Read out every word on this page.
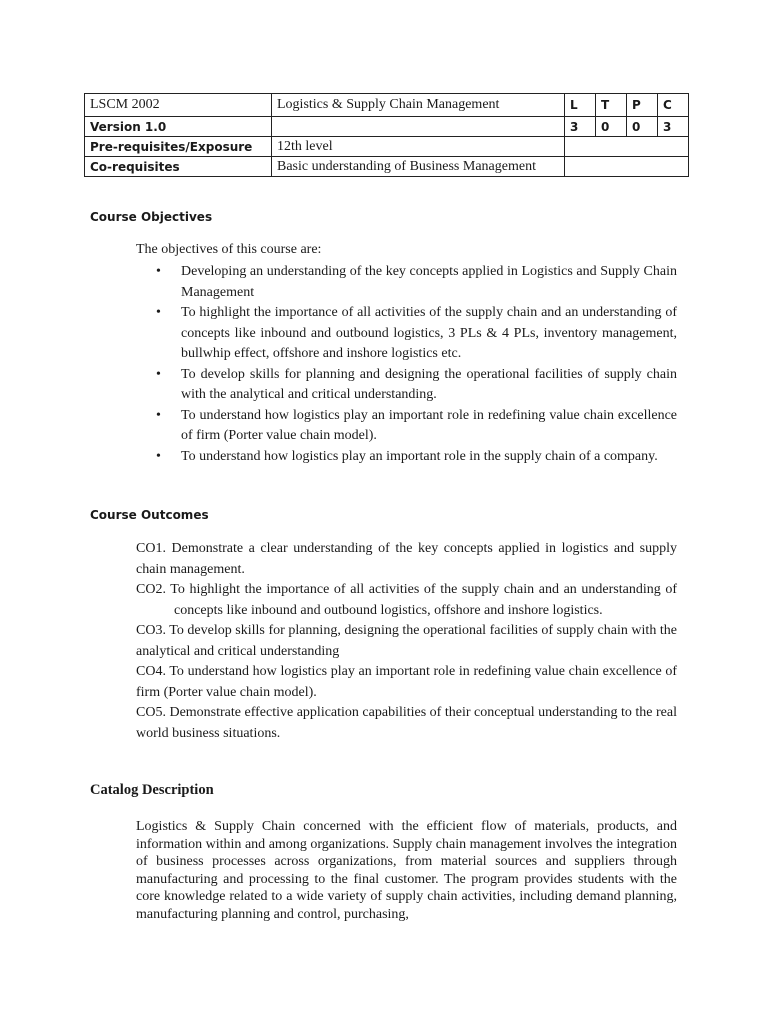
LSCM 2002	Logistics & Supply Chain Management	L	T	P	C
Version 1.0		3	0	0	3
Pre-requisites/Exposure	12th level				
Co-requisites	Basic understanding of Business Management				
Course Objectives

The objectives of this course are:

• Developing an understanding of the key concepts applied in Logistics and Supply Chain Management
• To highlight the importance of all activities of the supply chain and an understanding of concepts like inbound and outbound logistics, 3 PLs & 4 PLs, inventory management, bullwhip effect, offshore and inshore logistics etc.
• To develop skills for planning and designing the operational facilities of supply chain with the analytical and critical understanding.
• To understand how logistics play an important role in redefining value chain excellence of firm (Porter value chain model).
• To understand how logistics play an important role in the supply chain of a company.
Course Outcomes

CO1. Demonstrate a clear understanding of the key concepts applied in logistics and supply chain management.

CO2. To highlight the importance of all activities of the supply chain and an understanding of concepts like inbound and outbound logistics, offshore and inshore logistics.

CO3. To develop skills for planning, designing the operational facilities of supply chain with the analytical and critical understanding

CO4. To understand how logistics play an important role in redefining value chain excellence of firm (Porter value chain model).

CO5. Demonstrate effective application capabilities of their conceptual understanding to the real world business situations.

Catalog Description

Logistics & Supply Chain concerned with the efficient flow of materials, products, and information within and among organizations. Supply chain management involves the integration of business processes across organizations, from material sources and suppliers through manufacturing and processing to the final customer. The program provides students with the core knowledge related to a wide variety of supply chain activities, including demand planning, manufacturing planning and control, purchasing,
